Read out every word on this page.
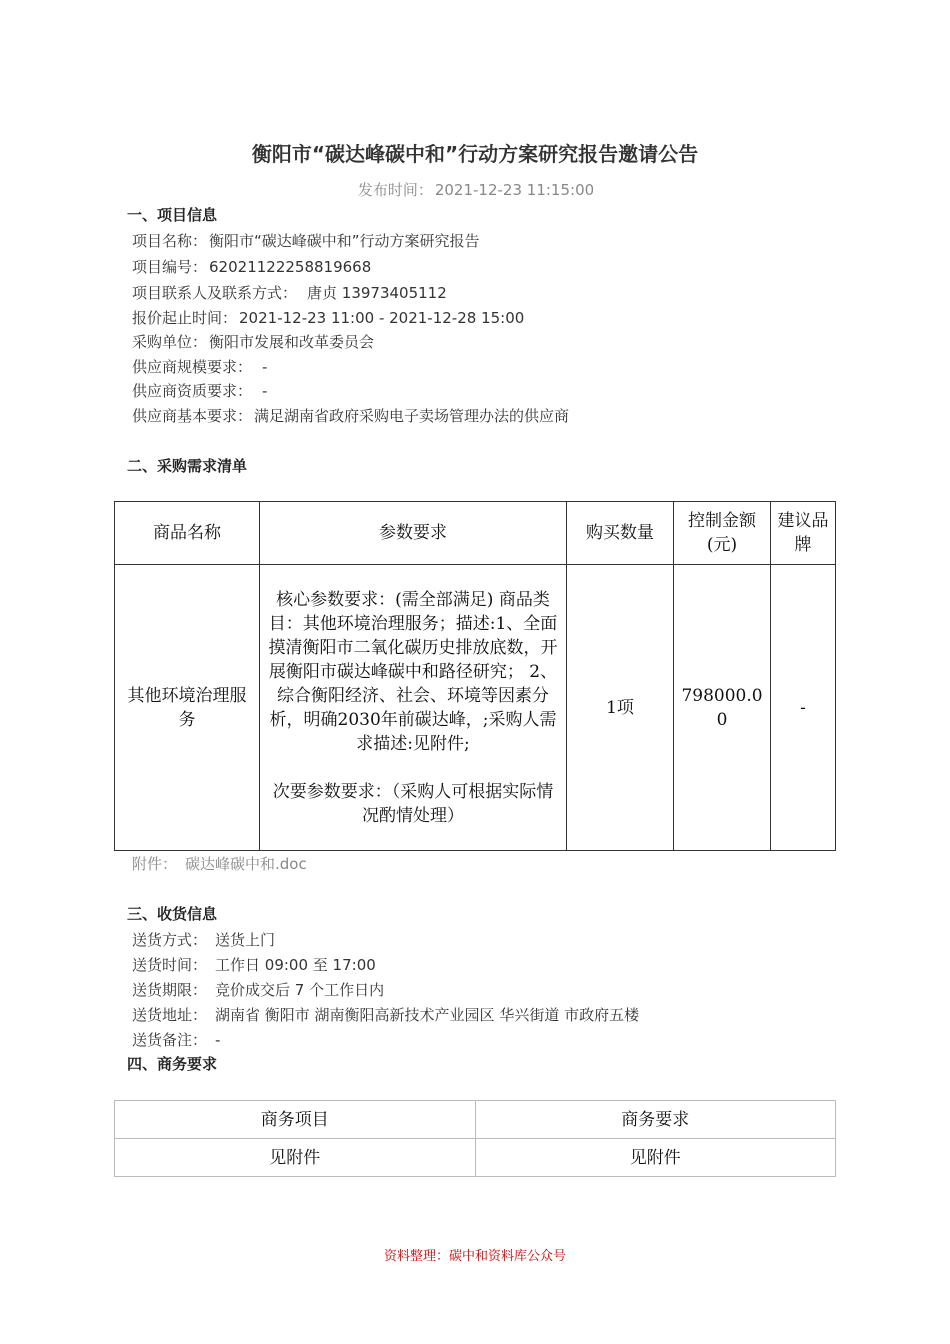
衡阳市“碳达峰碳中和”行动方案研究报告邀请公告
发布时间： 2021-12-23 11:15:00
一、项目信息
项目名称： 衡阳市“碳达峰碳中和”行动方案研究报告
项目编号： 62021122258819668
项目联系人及联系方式： 唐贞 13973405112
报价起止时间： 2021-12-23 11:00 - 2021-12-28 15:00
采购单位： 衡阳市发展和改革委员会
供应商规模要求： -
供应商资质要求： -
供应商基本要求： 满足湖南省政府采购电子卖场管理办法的供应商
二、采购需求清单
商品名称	参数要求	购买数量	控制金额(元)	建议品牌
其他环境治理服务	核心参数要求：(需全部满足) 商品类目：其他环境治理服务；描述:1、全面摸清衡阳市二氧化碳历史排放底数，开展衡阳市碳达峰碳中和路径研究； 2、综合衡阳经济、社会、环境等因素分析，明确2030年前碳达峰，;采购人需求描述:见附件;
次要参数要求：（采购人可根据实际情况酌情处理）	1项	798000.00	-
附件： 碳达峰碳中和.doc
三、收货信息
送货方式： 送货上门
送货时间： 工作日 09:00 至 17:00
送货期限： 竞价成交后 7 个工作日内
送货地址： 湖南省 衡阳市 湖南衡阳高新技术产业园区 华兴街道 市政府五楼
送货备注： -
四、商务要求
商务项目	商务要求
见附件	见附件
资料整理：碳中和资料库公众号
